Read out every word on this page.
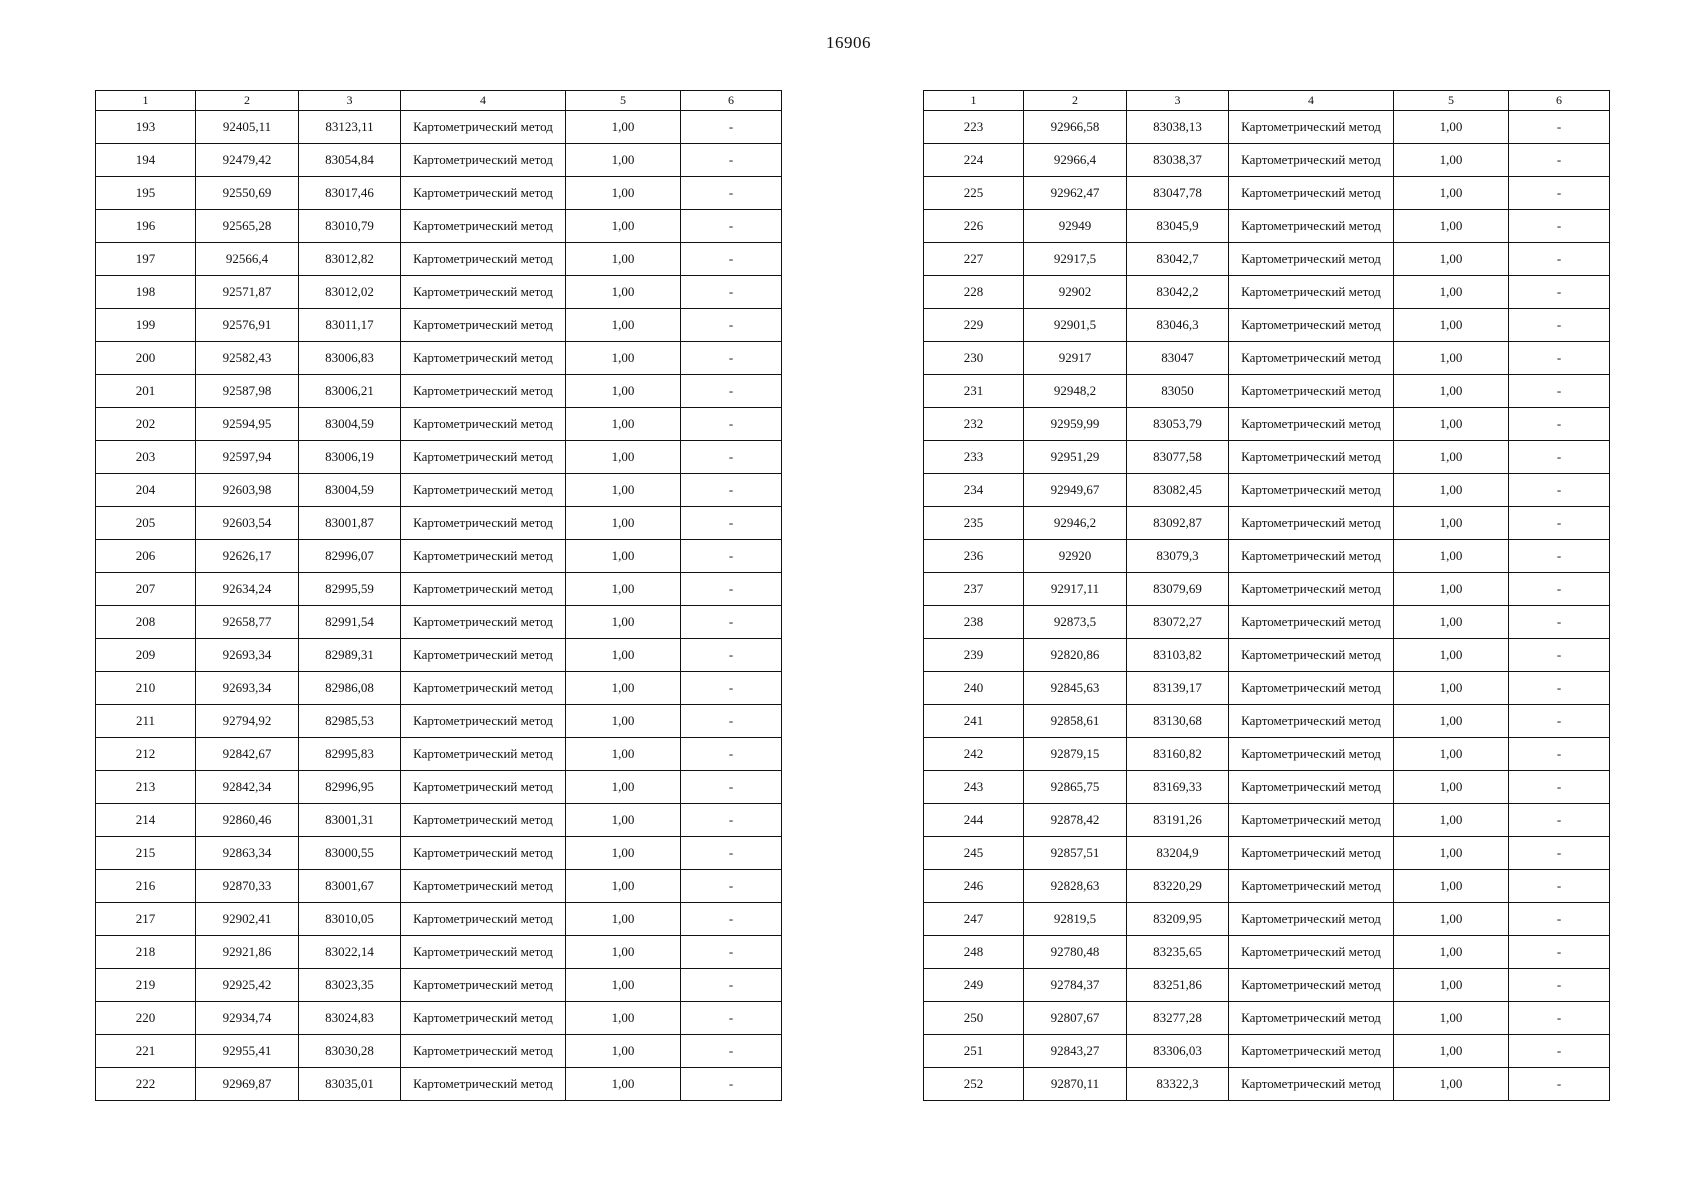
16906
1	2	3	4	5	6
193	92405,11	83123,11	Картометрический метод	1,00	-
194	92479,42	83054,84	Картометрический метод	1,00	-
195	92550,69	83017,46	Картометрический метод	1,00	-
196	92565,28	83010,79	Картометрический метод	1,00	-
197	92566,4	83012,82	Картометрический метод	1,00	-
198	92571,87	83012,02	Картометрический метод	1,00	-
199	92576,91	83011,17	Картометрический метод	1,00	-
200	92582,43	83006,83	Картометрический метод	1,00	-
201	92587,98	83006,21	Картометрический метод	1,00	-
202	92594,95	83004,59	Картометрический метод	1,00	-
203	92597,94	83006,19	Картометрический метод	1,00	-
204	92603,98	83004,59	Картометрический метод	1,00	-
205	92603,54	83001,87	Картометрический метод	1,00	-
206	92626,17	82996,07	Картометрический метод	1,00	-
207	92634,24	82995,59	Картометрический метод	1,00	-
208	92658,77	82991,54	Картометрический метод	1,00	-
209	92693,34	82989,31	Картометрический метод	1,00	-
210	92693,34	82986,08	Картометрический метод	1,00	-
211	92794,92	82985,53	Картометрический метод	1,00	-
212	92842,67	82995,83	Картометрический метод	1,00	-
213	92842,34	82996,95	Картометрический метод	1,00	-
214	92860,46	83001,31	Картометрический метод	1,00	-
215	92863,34	83000,55	Картометрический метод	1,00	-
216	92870,33	83001,67	Картометрический метод	1,00	-
217	92902,41	83010,05	Картометрический метод	1,00	-
218	92921,86	83022,14	Картометрический метод	1,00	-
219	92925,42	83023,35	Картометрический метод	1,00	-
220	92934,74	83024,83	Картометрический метод	1,00	-
221	92955,41	83030,28	Картометрический метод	1,00	-
222	92969,87	83035,01	Картометрический метод	1,00	-
1	2	3	4	5	6
223	92966,58	83038,13	Картометрический метод	1,00	-
224	92966,4	83038,37	Картометрический метод	1,00	-
225	92962,47	83047,78	Картометрический метод	1,00	-
226	92949	83045,9	Картометрический метод	1,00	-
227	92917,5	83042,7	Картометрический метод	1,00	-
228	92902	83042,2	Картометрический метод	1,00	-
229	92901,5	83046,3	Картометрический метод	1,00	-
230	92917	83047	Картометрический метод	1,00	-
231	92948,2	83050	Картометрический метод	1,00	-
232	92959,99	83053,79	Картометрический метод	1,00	-
233	92951,29	83077,58	Картометрический метод	1,00	-
234	92949,67	83082,45	Картометрический метод	1,00	-
235	92946,2	83092,87	Картометрический метод	1,00	-
236	92920	83079,3	Картометрический метод	1,00	-
237	92917,11	83079,69	Картометрический метод	1,00	-
238	92873,5	83072,27	Картометрический метод	1,00	-
239	92820,86	83103,82	Картометрический метод	1,00	-
240	92845,63	83139,17	Картометрический метод	1,00	-
241	92858,61	83130,68	Картометрический метод	1,00	-
242	92879,15	83160,82	Картометрический метод	1,00	-
243	92865,75	83169,33	Картометрический метод	1,00	-
244	92878,42	83191,26	Картометрический метод	1,00	-
245	92857,51	83204,9	Картометрический метод	1,00	-
246	92828,63	83220,29	Картометрический метод	1,00	-
247	92819,5	83209,95	Картометрический метод	1,00	-
248	92780,48	83235,65	Картометрический метод	1,00	-
249	92784,37	83251,86	Картометрический метод	1,00	-
250	92807,67	83277,28	Картометрический метод	1,00	-
251	92843,27	83306,03	Картометрический метод	1,00	-
252	92870,11	83322,3	Картометрический метод	1,00	-
